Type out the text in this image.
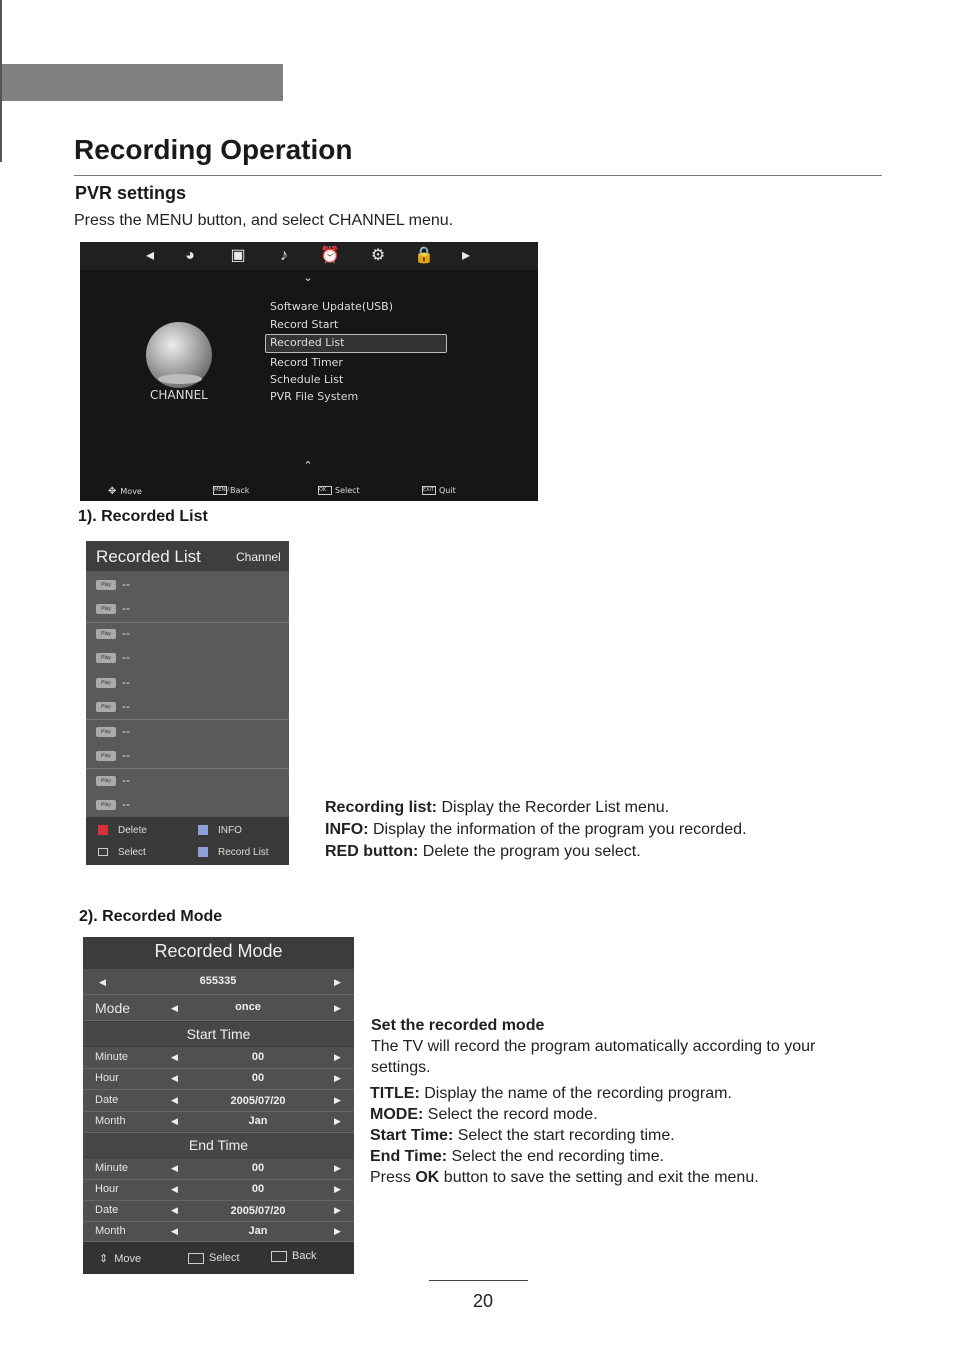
Recording Operation
PVR settings
Press the MENU button, and select CHANNEL menu.
◂	◕	▣	♪	⏰ ⚙ 🔒	▸
⌄
CHANNEL
Software Update(USB)
Record Start
Recorded List
Record Timer
Schedule List
PVR File System
⌃
✥ Move	MENUBack	OK Select	EXIT Quit
1). Recorded List
Recorded List	Channel
Play --
Play --
Play --
Play --
Play --
Play --
Play --
Play --
Play --
Play --
Delete	INFO
Select	Record List
Recording list: Display the Recorder List menu.
INFO: Display the information of the program you recorded.
RED button: Delete the program you select.
2). Recorded Mode
Recorded Mode
◀	655335	▶
Mode	◀	once	▶
Start Time
Minute	◀	00	▶
Hour	◀	00	▶
Date	◀	2005/07/20	▶
Month	◀	Jan	▶
End Time
Minute	◀	00	▶
Hour	◀	00	▶
Date	◀	2005/07/20	▶
Month	◀	Jan	▶
⇕ Move	Select	Back
Set the recorded mode
The TV will record the program automatically according to your settings.
TITLE: Display the name of the recording program.
MODE: Select the record mode.
Start Time: Select the start recording time.
End Time: Select the end recording time.
Press OK button to save the setting and exit the menu.
20
